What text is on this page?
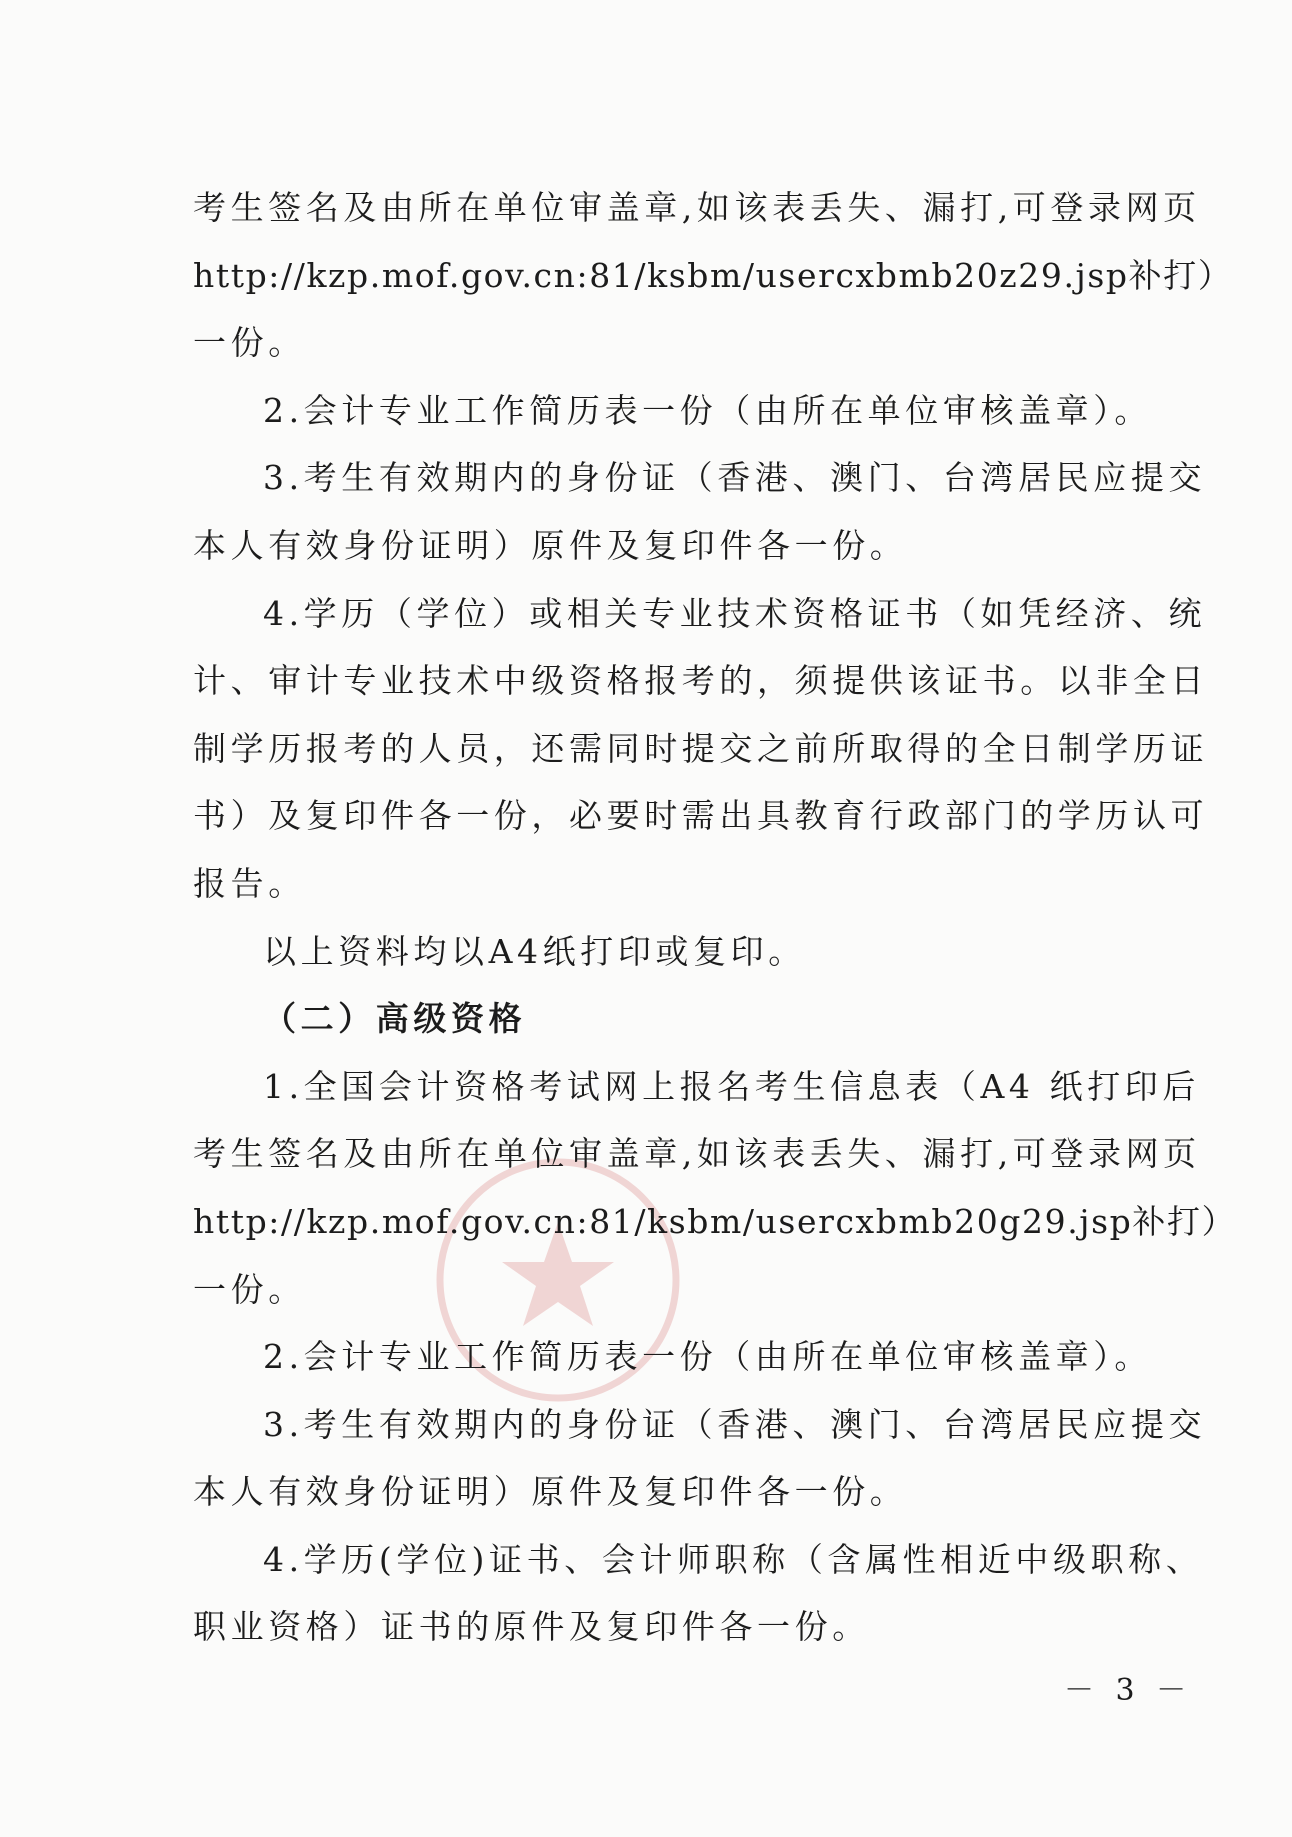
考生签名及由所在单位审盖章,如该表丢失、漏打,可登录网页
http://kzp.mof.gov.cn:81/ksbm/usercxbmb20z29.jsp补打）
一份。
2.会计专业工作简历表一份（由所在单位审核盖章）。
3.考生有效期内的身份证（香港、澳门、台湾居民应提交
本人有效身份证明）原件及复印件各一份。
4.学历（学位）或相关专业技术资格证书（如凭经济、统
计、审计专业技术中级资格报考的，须提供该证书。以非全日
制学历报考的人员，还需同时提交之前所取得的全日制学历证
书）及复印件各一份，必要时需出具教育行政部门的学历认可
报告。
以上资料均以A4纸打印或复印。
（二）高级资格
1.全国会计资格考试网上报名考生信息表（A4 纸打印后
考生签名及由所在单位审盖章,如该表丢失、漏打,可登录网页
http://kzp.mof.gov.cn:81/ksbm/usercxbmb20g29.jsp补打）
一份。
2.会计专业工作简历表一份（由所在单位审核盖章）。
3.考生有效期内的身份证（香港、澳门、台湾居民应提交
本人有效身份证明）原件及复印件各一份。
4.学历(学位)证书、会计师职称（含属性相近中级职称、
职业资格）证书的原件及复印件各一份。
－ 3 －
